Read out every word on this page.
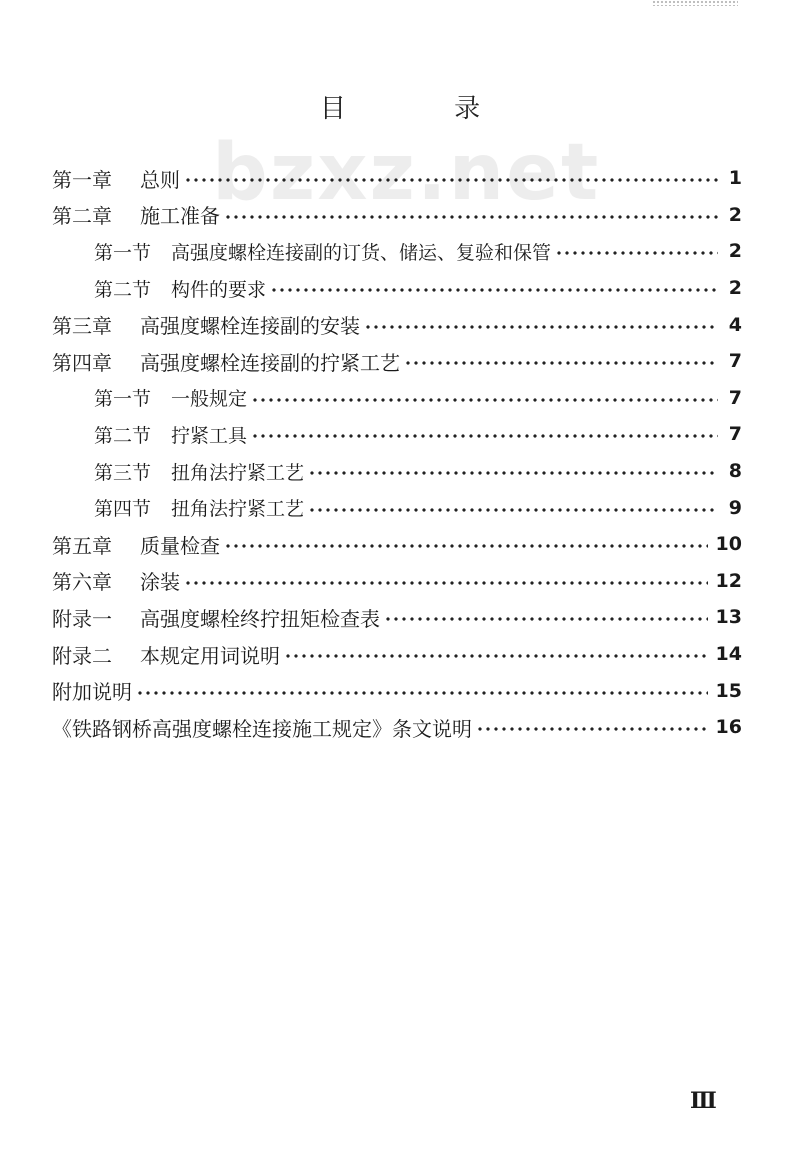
bzxz.net
目 录
第一章 总则	1
第二章 施工准备	2
第一节 高强度螺栓连接副的订货、储运、复验和保管	2
第二节 构件的要求	2
第三章 高强度螺栓连接副的安装	4
第四章 高强度螺栓连接副的拧紧工艺	7
第一节 一般规定	7
第二节 拧紧工具	7
第三节 扭角法拧紧工艺	8
第四节 扭角法拧紧工艺	9
第五章 质量检查	10
第六章 涂装	12
附录一 高强度螺栓终拧扭矩检查表	13
附录二 本规定用词说明	14
附加说明	15
《铁路钢桥高强度螺栓连接施工规定》条文说明	16
Ⅲ
